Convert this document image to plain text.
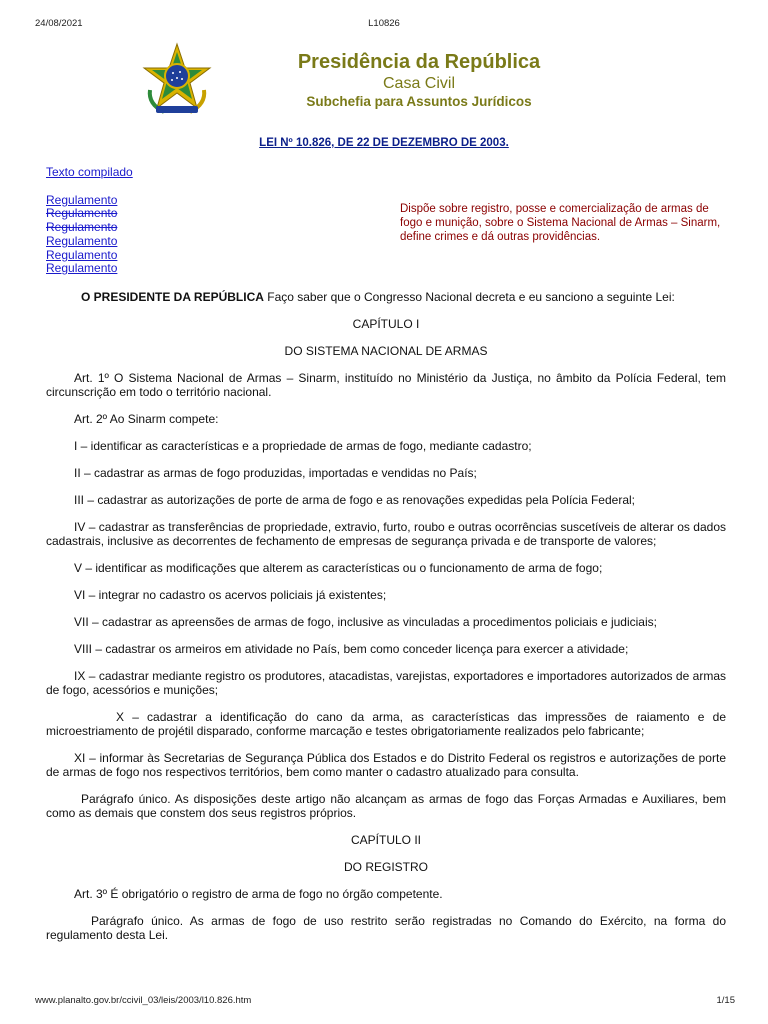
24/08/2021	L10826
Presidência da República
Casa Civil
Subchefia para Assuntos Jurídicos
LEI Nº 10.826, DE 22 DE DEZEMBRO DE 2003.
Texto compilado
Regulamento
Regulamento
Regulamento
Regulamento
Regulamento
Regulamento
Dispõe sobre registro, posse e comercialização de armas de fogo e munição, sobre o Sistema Nacional de Armas – Sinarm, define crimes e dá outras providências.

O PRESIDENTE DA REPÚBLICA Faço saber que o Congresso Nacional decreta e eu sanciono a seguinte Lei:

CAPÍTULO I

DO SISTEMA NACIONAL DE ARMAS

Art. 1º O Sistema Nacional de Armas – Sinarm, instituído no Ministério da Justiça, no âmbito da Polícia Federal, tem circunscrição em todo o território nacional.

Art. 2º Ao Sinarm compete:

I – identificar as características e a propriedade de armas de fogo, mediante cadastro;

II – cadastrar as armas de fogo produzidas, importadas e vendidas no País;

III – cadastrar as autorizações de porte de arma de fogo e as renovações expedidas pela Polícia Federal;

IV – cadastrar as transferências de propriedade, extravio, furto, roubo e outras ocorrências suscetíveis de alterar os dados cadastrais, inclusive as decorrentes de fechamento de empresas de segurança privada e de transporte de valores;

V – identificar as modificações que alterem as características ou o funcionamento de arma de fogo;

VI – integrar no cadastro os acervos policiais já existentes;

VII – cadastrar as apreensões de armas de fogo, inclusive as vinculadas a procedimentos policiais e judiciais;

VIII – cadastrar os armeiros em atividade no País, bem como conceder licença para exercer a atividade;

IX – cadastrar mediante registro os produtores, atacadistas, varejistas, exportadores e importadores autorizados de armas de fogo, acessórios e munições;

X – cadastrar a identificação do cano da arma, as características das impressões de raiamento e de microestriamento de projétil disparado, conforme marcação e testes obrigatoriamente realizados pelo fabricante;

XI – informar às Secretarias de Segurança Pública dos Estados e do Distrito Federal os registros e autorizações de porte de armas de fogo nos respectivos territórios, bem como manter o cadastro atualizado para consulta.

Parágrafo único. As disposições deste artigo não alcançam as armas de fogo das Forças Armadas e Auxiliares, bem como as demais que constem dos seus registros próprios.

CAPÍTULO II

DO REGISTRO

Art. 3º É obrigatório o registro de arma de fogo no órgão competente.

Parágrafo único. As armas de fogo de uso restrito serão registradas no Comando do Exército, na forma do regulamento desta Lei.

www.planalto.gov.br/ccivil_03/leis/2003/l10.826.htm	1/15
